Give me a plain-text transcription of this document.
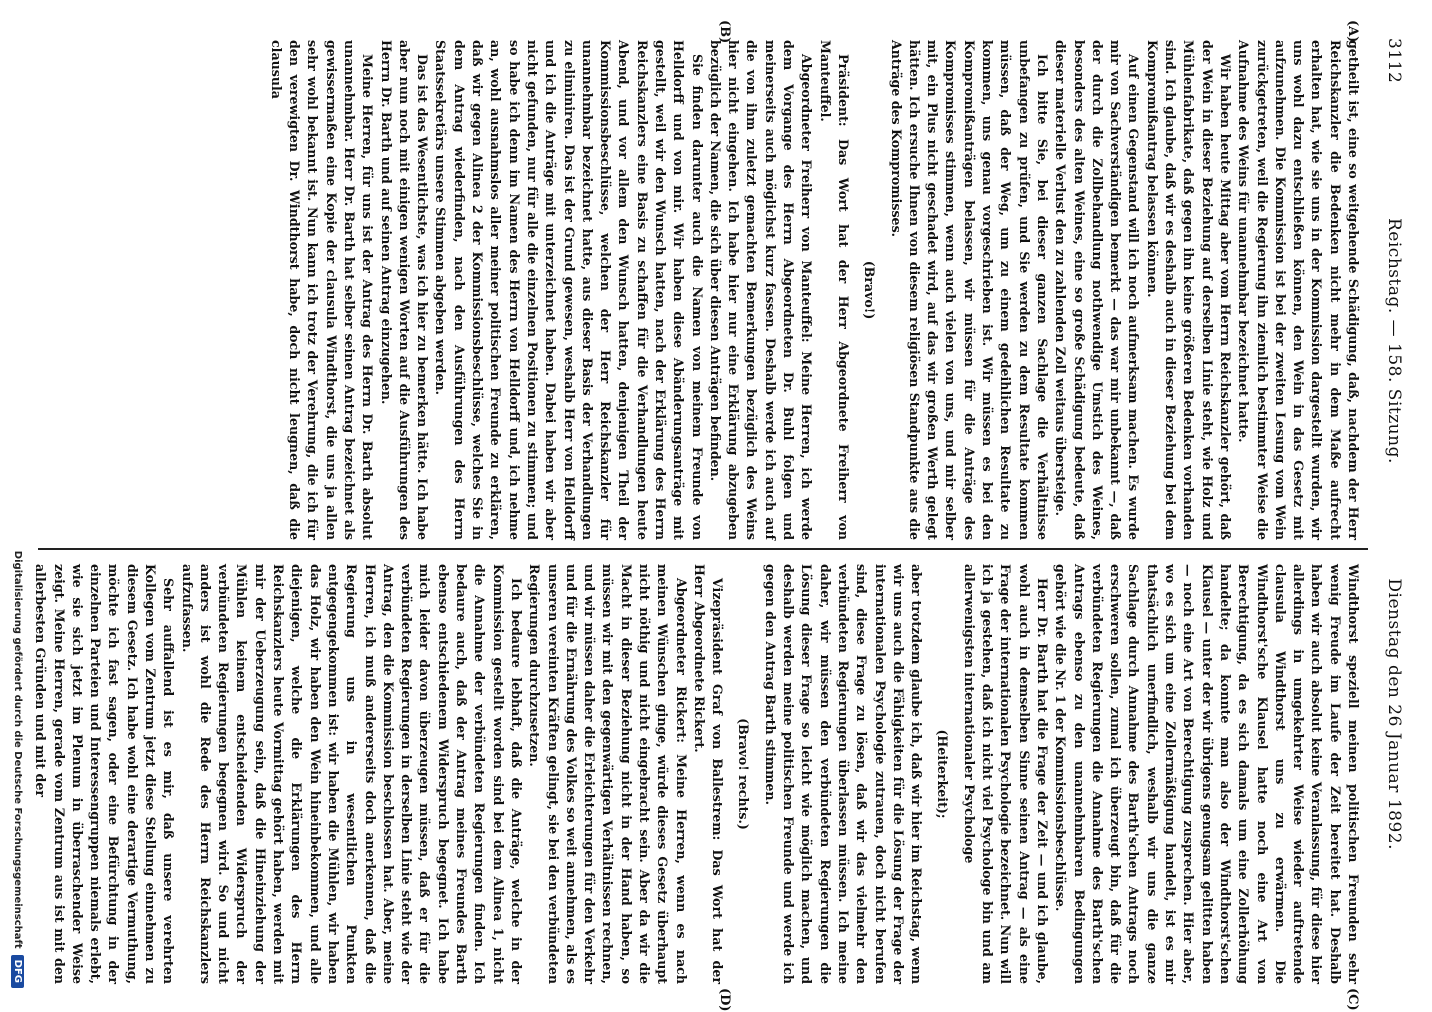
3112
Reichstag. — 158. Sitzung.
Dienstag den 26 Januar 1892.
(A)
(B)
(C)
(D)

getheilt ist, eine so weitgehende Schädigung, daß, nachdem der Herr Reichskanzler die Bedenken nicht mehr in dem Maße aufrecht erhalten hat, wie sie uns in der Kommission dargestellt wurden, wir uns wohl dazu entschließen können, den Wein in das Gesetz mit aufzunehmen. Die Kommission ist bei der zweiten Lesung vom Wein zurückgetreten, weil die Regierung ihn ziemlich bestimmter Weise die Aufnahme des Weins für unannehmbar bezeichnet hatte.

Wir haben heute Mittag aber vom Herrn Reichskanzler gehört, daß der Wein in dieser Beziehung auf derselben Linie steht, wie Holz und Mühlenfabrikate, daß gegen ihn keine größeren Bedenken vorhanden sind. Ich glaube, daß wir es deshalb auch in dieser Beziehung bei dem Kompromißantrag belassen können.

Auf einen Gegenstand will ich noch aufmerksam machen. Es wurde mir von Sachverständigen bemerkt — das war mir unbekannt —, daß der durch die Zollbehandlung nothwendige Umstich des Weines, besonders des alten Weines, eine so große Schädigung bedeute, daß dieser materielle Verlust den zu zahlenden Zoll weitaus übersteige.

Ich bitte Sie, bei dieser ganzen Sachlage die Verhältnisse unbefangen zu prüfen, und Sie werden zu dem Resultate kommen müssen, daß der Weg, um zu einem gedeihlichen Resultate zu kommen, uns genau vorgeschrieben ist. Wir müssen es bei den Kompromißanträgen belassen, wir müssen für die Anträge des Kompromisses stimmen, wenn auch vielen von uns, und mir selber mit, ein Plus nicht geschadet wird, auf das wir großen Werth gelegt hätten. Ich ersuche Ihnen von diesem religiösen Standpunkte aus die Anträge des Kompromisses.

(Bravo!)

Präsident: Das Wort hat der Herr Abgeordnete Freiherr von Manteuffel.

Abgeordneter Freiherr von Manteuffel: Meine Herren, ich werde dem Vorgange des Herrn Abgeordneten Dr. Buhl folgen und meinerseits auch möglichst kurz fassen. Deshalb werde ich auch auf die von ihm zuletzt gemachten Bemerkungen bezüglich des Weins hier nicht eingehen. Ich habe hier nur eine Erklärung abzugeben bezüglich der Namen, die sich über diesen Anträgen befinden.

Sie finden darunter auch die Namen von meinem Freunde von Helldorff und von mir. Wir haben diese Abänderungsanträge mit gestellt, weil wir den Wunsch hatten, nach der Erklärung des Herrn Reichskanzlers eine Basis zu schaffen für die Verhandlungen heute Abend, und vor allem den Wunsch hatten, denjenigen Theil der Kommissionsbeschlüsse, welchen der Herr Reichskanzler für unannehmbar bezeichnet hatte, aus dieser Basis der Verhandlungen zu eliminiren. Das ist der Grund gewesen, weshalb Herr von Helldorff und ich die Anträge mit unterzeichnet haben. Dabei haben wir aber nicht gefunden, nur für alle die einzelnen Positionen zu stimmen; und so habe ich denn im Namen des Herrn von Helldorff und, ich nehme an, wohl ausnahmslos aller meiner politischen Freunde zu erklären, daß wir gegen Alinea 2 der Kommissionsbeschlüsse, welches Sie in dem Antrag wiederfinden, nach den Ausführungen des Herrn Staatssekretärs unsere Stimmen abgeben werden.

Das ist das Wesentlichste, was ich hier zu bemerken hätte. Ich habe aber nun noch mit einigen wenigen Worten auf die Ausführungen des Herrn Dr. Barth und auf seinen Antrag einzugehen.

Meine Herren, für uns ist der Antrag des Herrn Dr. Barth absolut unannehmbar. Herr Dr. Barth hat selber seinen Antrag bezeichnet als gewissermaßen eine Kopie der clausula Windthorst, die uns ja allen sehr wohl bekannt ist. Nun kann ich trotz der Verehrung, die ich für den verewigten Dr. Windthorst habe, doch nicht leugnen, daß die clausula

Windthorst speziell meinen politischen Freunden sehr wenig Freude im Laufe der Zeit bereitet hat. Deshalb haben wir auch absolut keine Veranlassung, für diese hier allerdings in umgekehrter Weise wieder auftretende clausula Windthorst uns zu erwärmen. Die Windthorst'sche Klausel hatte noch eine Art von Berechtigung, da es sich damals um eine Zollerhöhung handelte; da konnte man also der Windthorst'schen Klausel — unter der wir übrigens genugsam gelitten haben — noch eine Art von Berechtigung zusprechen. Hier aber, wo es sich um eine Zollermäßigung handelt, ist es mir thatsächlich unerfindlich, weshalb wir uns die ganze Sachlage durch Annahme des Barth'schen Antrags noch erschweren sollen, zumal ich überzeugt bin, daß für die verbündeten Regierungen die Annahme des Barth'schen Antrags ebenso zu den unannehmbaren Bedingungen gehört wie die Nr. 1 der Kommissionsbeschlüsse.

Herr Dr. Barth hat die Frage der Zeit — und ich glaube, wohl auch in demselben Sinne seinen Antrag — als eine Frage der internationalen Psychologie bezeichnet. Nun will ich ja gestehen, daß ich nicht viel Psychologe bin und am allerwenigsten internationaler Psychologe

(Heiterkeit);

aber trotzdem glaube ich, daß wir hier im Reichstag, wenn wir uns auch die Fähigkeiten für die Lösung der Frage der internationalen Psychologie zutrauen, doch nicht berufen sind, diese Frage zu lösen, daß wir das vielmehr den verbündeten Regierungen überlassen müssen. Ich meine daher, wir müssen den verbündeten Regierungen die Lösung dieser Frage so leicht wie möglich machen, und deshalb werden meine politischen Freunde und werde ich gegen den Antrag Barth stimmen.

(Bravo! rechts.)

Vizepräsident Graf von Ballestrem: Das Wort hat der Herr Abgeordnete Rickert.

Abgeordneter Rickert: Meine Herren, wenn es nach meinen Wünschen ginge, würde dieses Gesetz überhaupt nicht nöthig und nicht eingebracht sein. Aber da wir die Macht in dieser Beziehung nicht in der Hand haben, so müssen wir mit den gegenwärtigen Verhältnissen rechnen, und wir müssen daher die Erleichterungen für den Verkehr und für die Ernährung des Volkes so weit annehmen, als es unseren vereinten Kräften gelingt, sie bei den verbündeten Regierungen durchzusetzen.

Ich bedaure lebhaft, daß die Anträge, welche in der Kommission gestellt worden sind bei dem Alinea 1, nicht die Annahme der verbündeten Regierungen finden. Ich bedaure auch, daß der Antrag meines Freundes Barth ebenso entschiedenem Widerspruch begegnet. Ich habe mich leider davon überzeugen müssen, daß er für die verbündeten Regierungen in derselben Linie steht wie der Antrag, den die Kommission beschlossen hat. Aber, meine Herren, ich muß andererseits doch anerkennen, daß die Regierung uns in wesentlichen Punkten entgegengekommen ist: wir haben die Mühlen, wir haben das Holz, wir haben den Wein hineinbekommen, und alle diejenigen, welche die Erklärungen des Herrn Reichskanzlers heute Vormittag gehört haben, werden mit mir der Ueberzeugung sein, daß die Hineinziehung der Mühlen keinem entscheidenden Widerspruch der verbündeten Regierungen begegnen wird. So und nicht anders ist wohl die Rede des Herrn Reichskanzlers aufzufassen.

Sehr auffallend ist es mir, daß unsere verehrten Kollegen vom Zentrum jetzt diese Stellung einnehmen zu diesem Gesetz. Ich habe wohl eine derartige Vermuthung, möchte ich fast sagen, oder eine Befürchtung in der einzelnen Parteien und Interessengruppen niemals erlebt, wie sie sich jetzt im Plenum in überraschender Weise zeigt. Meine Herren, gerade vom Zentrum aus ist mit den allerbesten Gründen und mit der

Digitalisierung gefördert durch die Deutsche ForschungsgemeinschaftDFG
